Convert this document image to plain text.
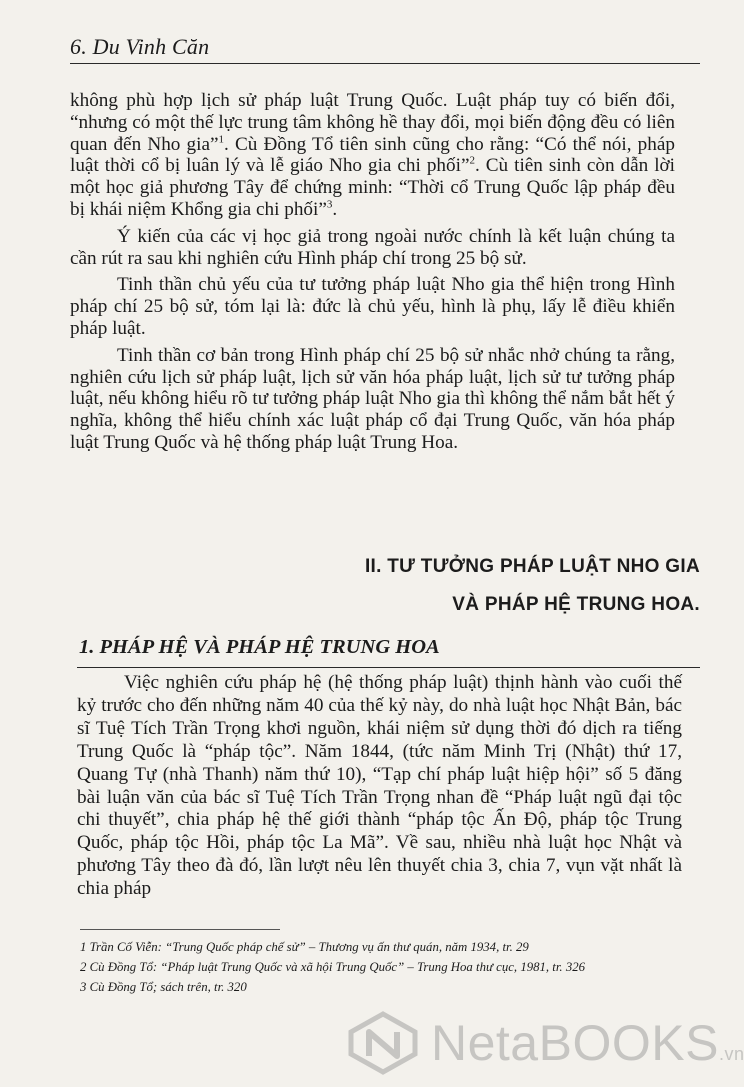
6. Du Vinh Căn

không phù hợp lịch sử pháp luật Trung Quốc. Luật pháp tuy có biến đổi, “nhưng có một thế lực trung tâm không hề thay đổi, mọi biến động đều có liên quan đến Nho gia”$^1$. Cù Đồng Tổ tiên sinh cũng cho rằng: “Có thể nói, pháp luật thời cổ bị luân lý và lễ giáo Nho gia chi phối”$^2$. Cù tiên sinh còn dẫn lời một học giả phương Tây để chứng minh: “Thời cổ Trung Quốc lập pháp đều bị khái niệm Khổng gia chi phối”$^3$.

Ý kiến của các vị học giả trong ngoài nước chính là kết luận chúng ta cần rút ra sau khi nghiên cứu Hình pháp chí trong 25 bộ sử.

Tinh thần chủ yếu của tư tưởng pháp luật Nho gia thể hiện trong Hình pháp chí 25 bộ sử, tóm lại là: đức là chủ yếu, hình là phụ, lấy lễ điều khiển pháp luật.

Tinh thần cơ bản trong Hình pháp chí 25 bộ sử nhắc nhở chúng ta rằng, nghiên cứu lịch sử pháp luật, lịch sử văn hóa pháp luật, lịch sử tư tưởng pháp luật, nếu không hiểu rõ tư tưởng pháp luật Nho gia thì không thể nắm bắt hết ý nghĩa, không thể hiểu chính xác luật pháp cổ đại Trung Quốc, văn hóa pháp luật Trung Quốc và hệ thống pháp luật Trung Hoa.

II. TƯ TƯỞNG PHÁP LUẬT NHO GIA
VÀ PHÁP HỆ TRUNG HOA.
1. PHÁP HỆ VÀ PHÁP HỆ TRUNG HOA

Việc nghiên cứu pháp hệ (hệ thống pháp luật) thịnh hành vào cuối thế kỷ trước cho đến những năm 40 của thế kỷ này, do nhà luật học Nhật Bản, bác sĩ Tuệ Tích Trần Trọng khơi nguồn, khái niệm sử dụng thời đó dịch ra tiếng Trung Quốc là “pháp tộc”. Năm 1844, (tức năm Minh Trị (Nhật) thứ 17, Quang Tự (nhà Thanh) năm thứ 10), “Tạp chí pháp luật hiệp hội” số 5 đăng bài luận văn của bác sĩ Tuệ Tích Trần Trọng nhan đề “Pháp luật ngũ đại tộc chi thuyết”, chia pháp hệ thế giới thành “pháp tộc Ấn Độ, pháp tộc Trung Quốc, pháp tộc Hồi, pháp tộc La Mã”. Về sau, nhiều nhà luật học Nhật và phương Tây theo đà đó, lần lượt nêu lên thuyết chia 3, chia 7, vụn vặt nhất là chia pháp

1 Trần Cố Viễn: “Trung Quốc pháp chế sử” – Thương vụ ấn thư quán, năm 1934, tr. 29
2 Cù Đồng Tổ: “Pháp luật Trung Quốc và xã hội Trung Quốc” – Trung Hoa thư cục, 1981, tr. 326
3 Cù Đồng Tổ; sách trên, tr. 320
NetaBOOKS.vn
